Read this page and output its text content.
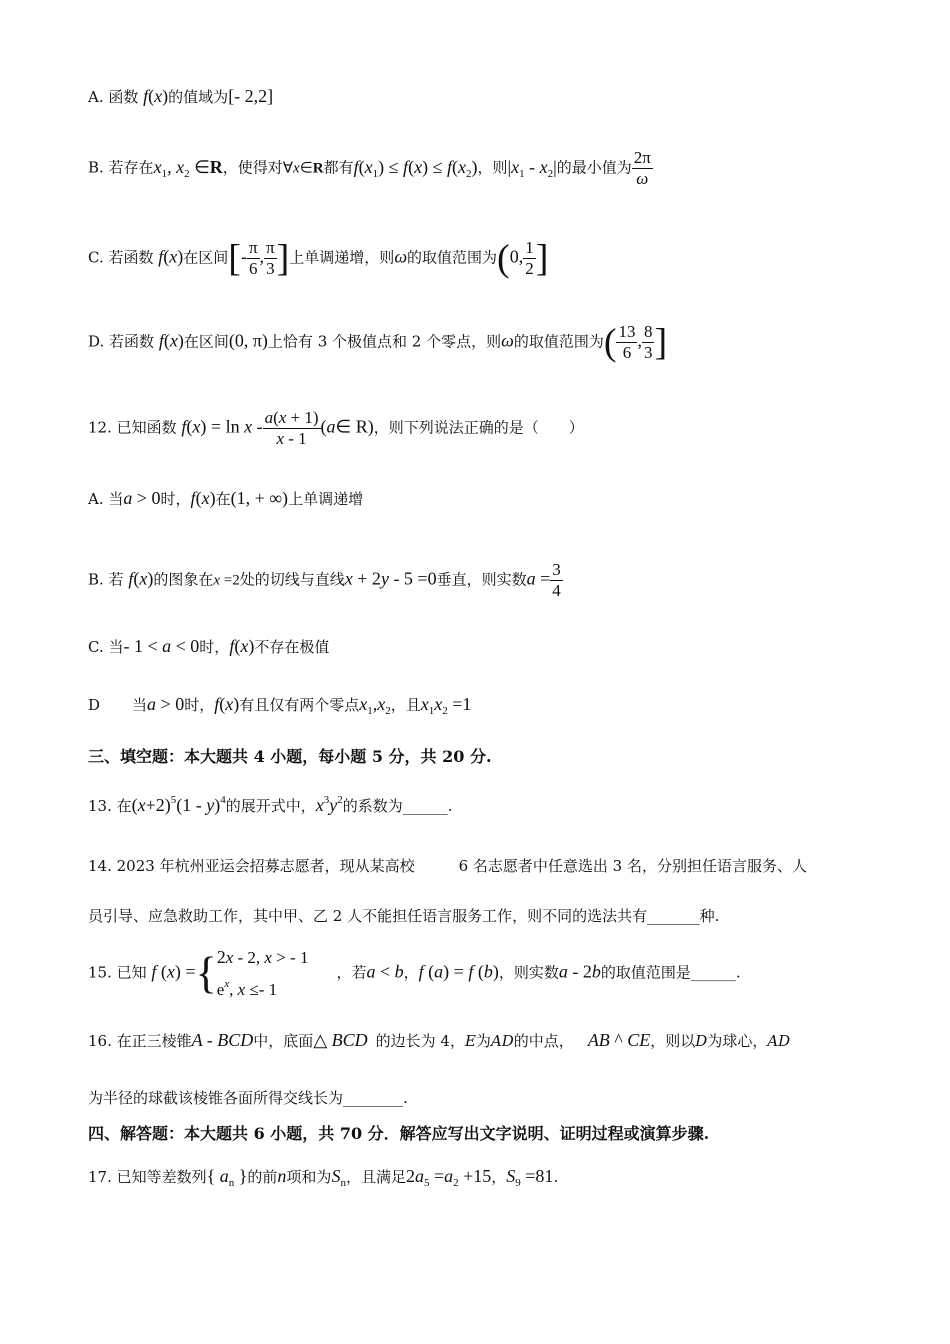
A. 函数 f(x)的值域为[- 2,2]
B. 若存在$x_1$, $x_2$ ∈R，使得对∀x∈R都有$f(x_1) \le f(x) \le f(x_2)$，则$|x_1 - x_2|$的最小值为 $\frac{2\pi}{\omega}$
C. 若函数 f(x)在区间[- $\frac{\pi}{6}$ , $\frac{\pi}{3}$ ]上单调递增，则ω的取值范围为(0, $\frac{1}{2}$ ]
D. 若函数 f(x)在区间(0, π)上恰有 3 个极值点和 2 个零点，则ω的取值范围为( $\frac{13}{6}$ , $\frac{8}{3}$ ]
12. 已知函数 $f(x) = \ln x - \frac{a(x + 1)}{x - 1}$ (a∈ R)，则下列说法正确的是（　　）
A. 当a > 0时，f(x)在(1, + ∞)上单调递增
B. 若 f(x)的图象在x =2处的切线与直线x + 2y - 5 =0垂直，则实数$a = \frac{3}{4}$
C. 当- 1 < a < 0时，f(x)不存在极值
D 当a > 0时，f(x)有且仅有两个零点$x_1,x_2$，且$x_1x_2 =1$
三、填空题：本大题共 4 小题，每小题 5 分，共 20 分.
13. 在$(x+2)^5(1 - y)^4$的展开式中，$x^3y^2$的系数为______.
14. 2023 年杭州亚运会招募志愿者，现从某高校	6 名志愿者中任意选出 3 名，分别担任语言服务、人
员引导、应急救助工作，其中甲、乙 2 人不能担任语言服务工作，则不同的选法共有_______种.
15. 已知 f (x) ={ 2x - 2, x > - 1
$e^x$, x ≤- 1
，若a < b，f (a) = f (b)，则实数a - 2b的取值范围是______.
16. 在正三棱锥A - BCD中，底面△ BCD 的边长为 4，E为AD的中点， AB ^ CE，则以D为球心，AD
为半径的球截该棱锥各面所得交线长为________.
四、解答题：本大题共 6 小题，共 70 分．解答应写出文字说明、证明过程或演算步骤.
17. 已知等差数列{ $a_n$ }的前n项和为$S_n$，且满足$2a_5 =a_2 +15$，$S_9 =81$.
